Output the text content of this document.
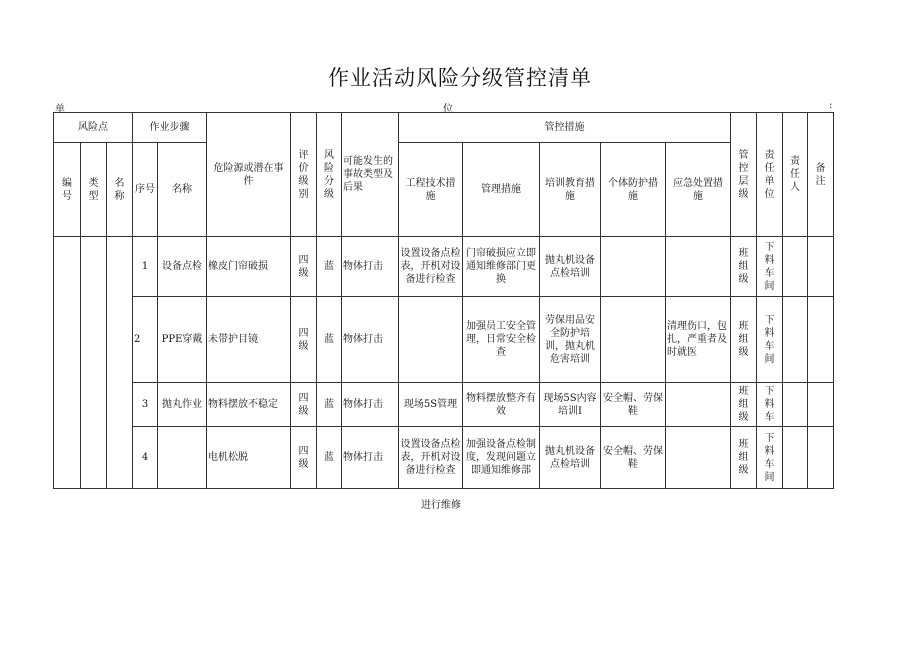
作业活动风险分级管控清单
单	位	:
风险点			作业步骤		危险源或潜在事件	评价级别	风险分级	可能发生的事故类型及后果	管控措施					管控层级	责任单位	责任人	备注
编号	类型	名称	序号	名称					工程技术措施	管理措施	培训教育措施	个体防护措施	应急处置措施				
			1	设备点检	橡皮门帘破损	四级	蓝	物体打击	设置设备点检表，开机对设备进行检查	门帘破损应立即通知维修部门更换	抛丸机设备点检培训			班组级	下料车间		
			2	PPE穿戴	未带护目镜	四级	蓝	物体打击		加强员工安全管理，日常安全检查	劳保用品安全防护培训，抛丸机危害培训		清理伤口，包扎，严重者及时就医	班组级	下料车间		
			3	抛丸作业	物料摆放不稳定	四级	蓝	物体打击	现场5S管理	物料摆放整齐有效	现场5S内容培训I	安全帽、劳保鞋		班组级	下料车		
			4		电机松脱	四级	蓝	物体打击	设置设备点检表，开机对设备进行检查	加强设备点检制度，发现问题立即通知维修部	抛丸机设备点检培训	安全帽、劳保鞋		班组级	下料车间		
进行维修
